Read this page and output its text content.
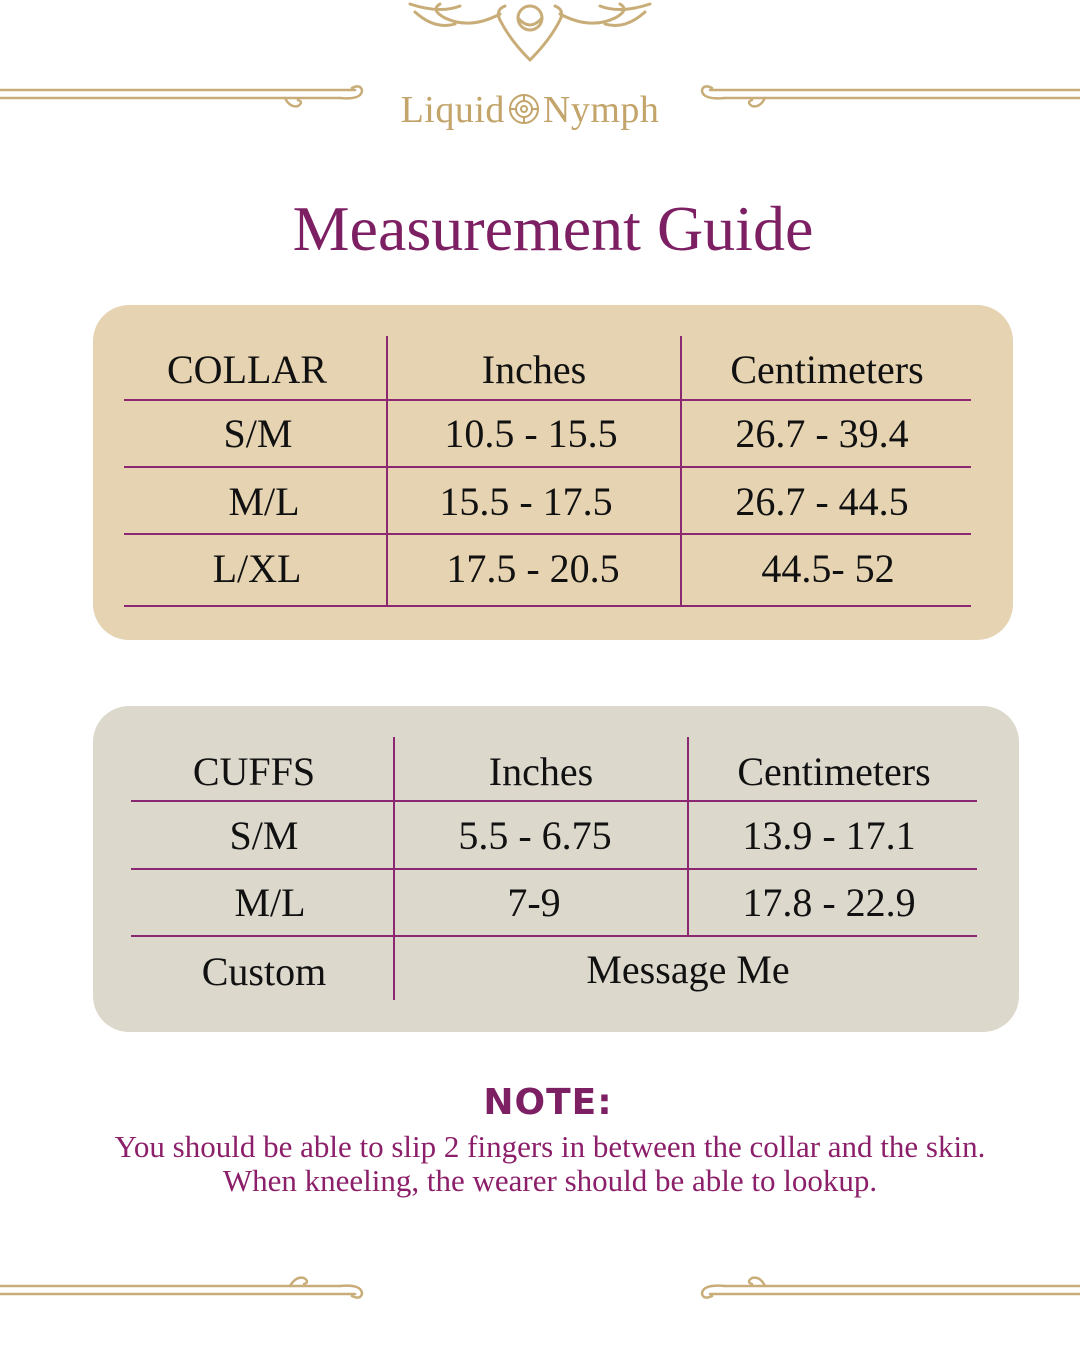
Liquid Nymph
Measurement Guide
COLLAR	Inches	Centimeters
S/M	10.5 - 15.5	26.7 - 39.4
M/L	15.5 - 17.5	26.7 - 44.5
L/XL	17.5 - 20.5	44.5- 52
CUFFS	Inches	Centimeters
S/M	5.5 - 6.75	13.9 - 17.1
M/L	7-9	17.8 - 22.9
Custom	Message Me
NOTE:
You should be able to slip 2 fingers in between the collar and the skin. When kneeling, the wearer should be able to lookup.
